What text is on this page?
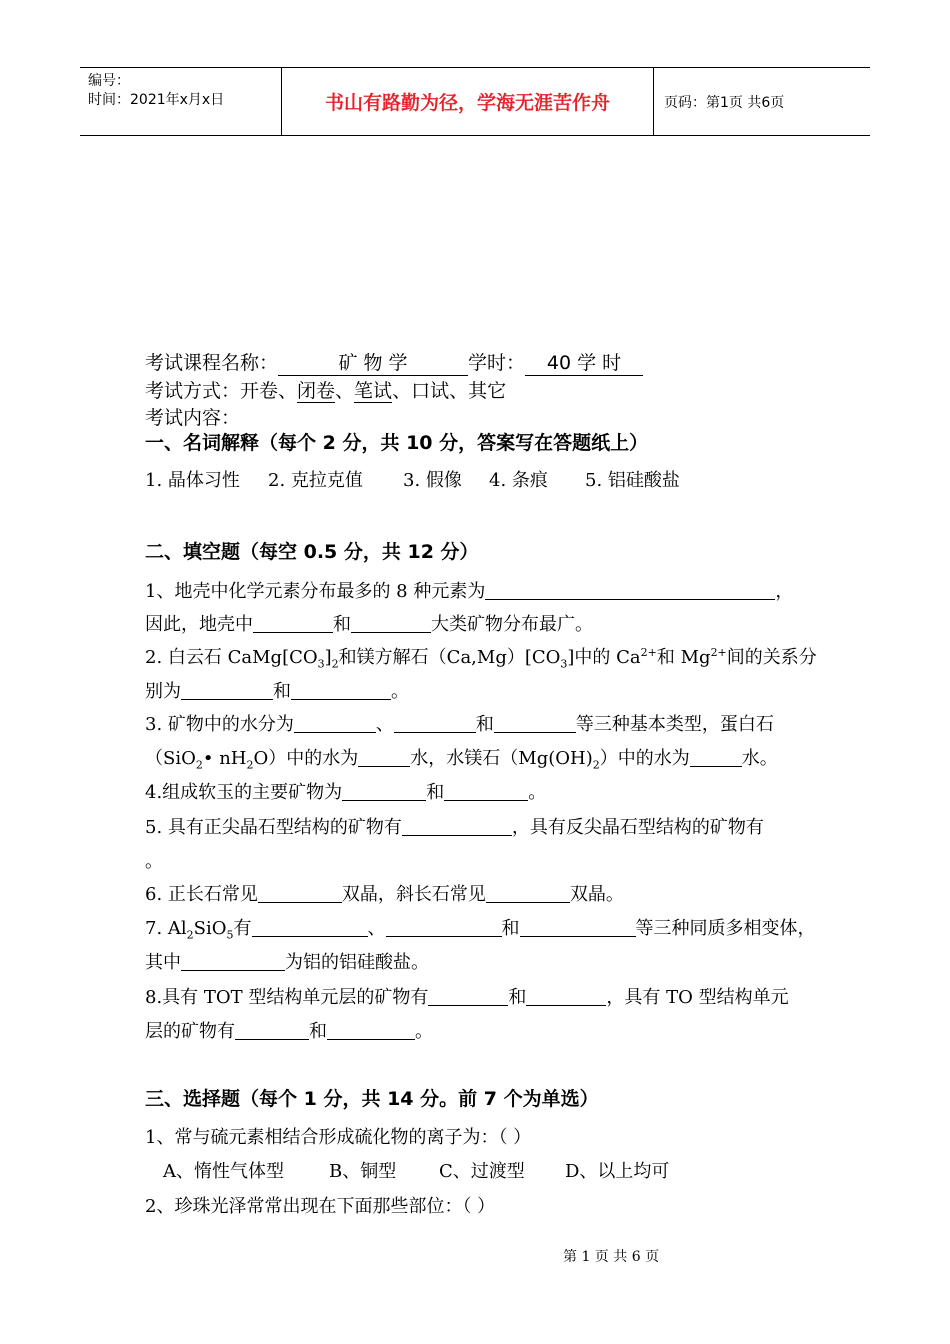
编号：
时间：2021年x月x日	书山有路勤为径，学海无涯苦作舟	页码：第1页 共6页
考试课程名称：	矿 物 学	学时： 40 学 时
考试方式：开卷、闭卷、笔试、口试、其它
考试内容：
一、名词解释（每个 2 分，共 10 分，答案写在答题纸上）
1. 晶体习性 2. 克拉克值 3. 假像 4. 条痕 5. 铝硅酸盐
二、填空题（每空 0.5 分，共 12 分）
1、地壳中化学元素分布最多的 8 种元素为	，
因此，地壳中	和	大类矿物分布最广。
2. 白云石 $CaMg[CO_3]_2$和镁方解石$(Ca,Mg)[CO_3]$中的 $Ca^{2+}$和 $Mg^{2+}$间的关系分
别为	和	。
3. 矿物中的水分为	、	和	等三种基本类型，蛋白石
（SiO$_2$• $nH_2O$）中的水为	水，水镁石$(Mg(OH)_2)$中的水为	水。
4.组成软玉的主要矿物为	和	。
5. 具有正尖晶石型结构的矿物有	，具有反尖晶石型结构的矿物有
。
6. 正长石常见	双晶，斜长石常见	双晶。
7. $Al_2SiO_5$有	、	和	等三种同质多相变体，
其中	为铝的铝硅酸盐。
8.具有 TOT 型结构单元层的矿物有	和	，具有 TO 型结构单元
层的矿物有	和	。
三、选择题（每个 1 分，共 14 分。前 7 个为单选）
1、常与硫元素相结合形成硫化物的离子为：（ ）
A、惰性气体型	B、铜型 C、过渡型 D、以上均可
2、珍珠光泽常常出现在下面那些部位：（ ）
第 1 页 共 6 页
